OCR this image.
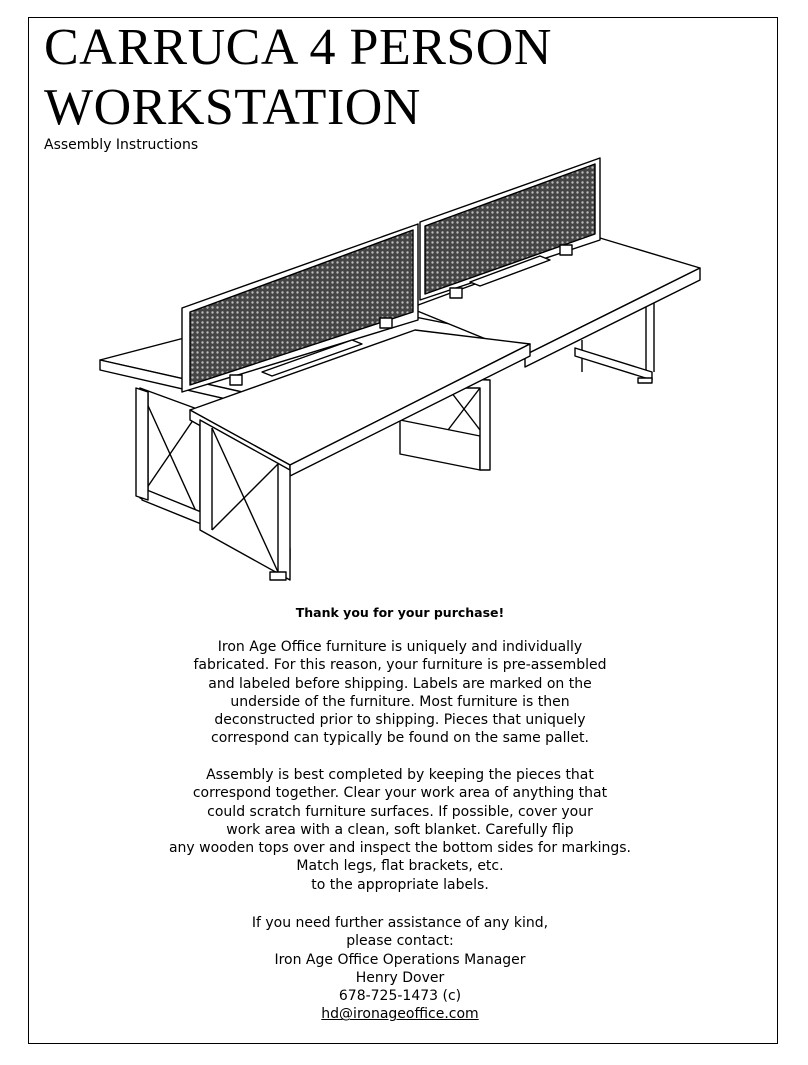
CARRUCA 4 PERSON
WORKSTATION
Assembly Instructions
Thank you for your purchase!
Iron Age Office furniture is uniquely and individually
fabricated. For this reason, your furniture is pre-assembled
and labeled before shipping. Labels are marked on the
underside of the furniture. Most furniture is then
deconstructed prior to shipping. Pieces that uniquely
correspond can typically be found on the same pallet.
Assembly is best completed by keeping the pieces that
correspond together. Clear your work area of anything that
could scratch furniture surfaces. If possible, cover your
work area with a clean, soft blanket. Carefully flip
any wooden tops over and inspect the bottom sides for markings.
Match legs, flat brackets, etc.
to the appropriate labels.
If you need further assistance of any kind,
please contact:
Iron Age Office Operations Manager
Henry Dover
678-725-1473 (c)
hd@ironageoffice.com
